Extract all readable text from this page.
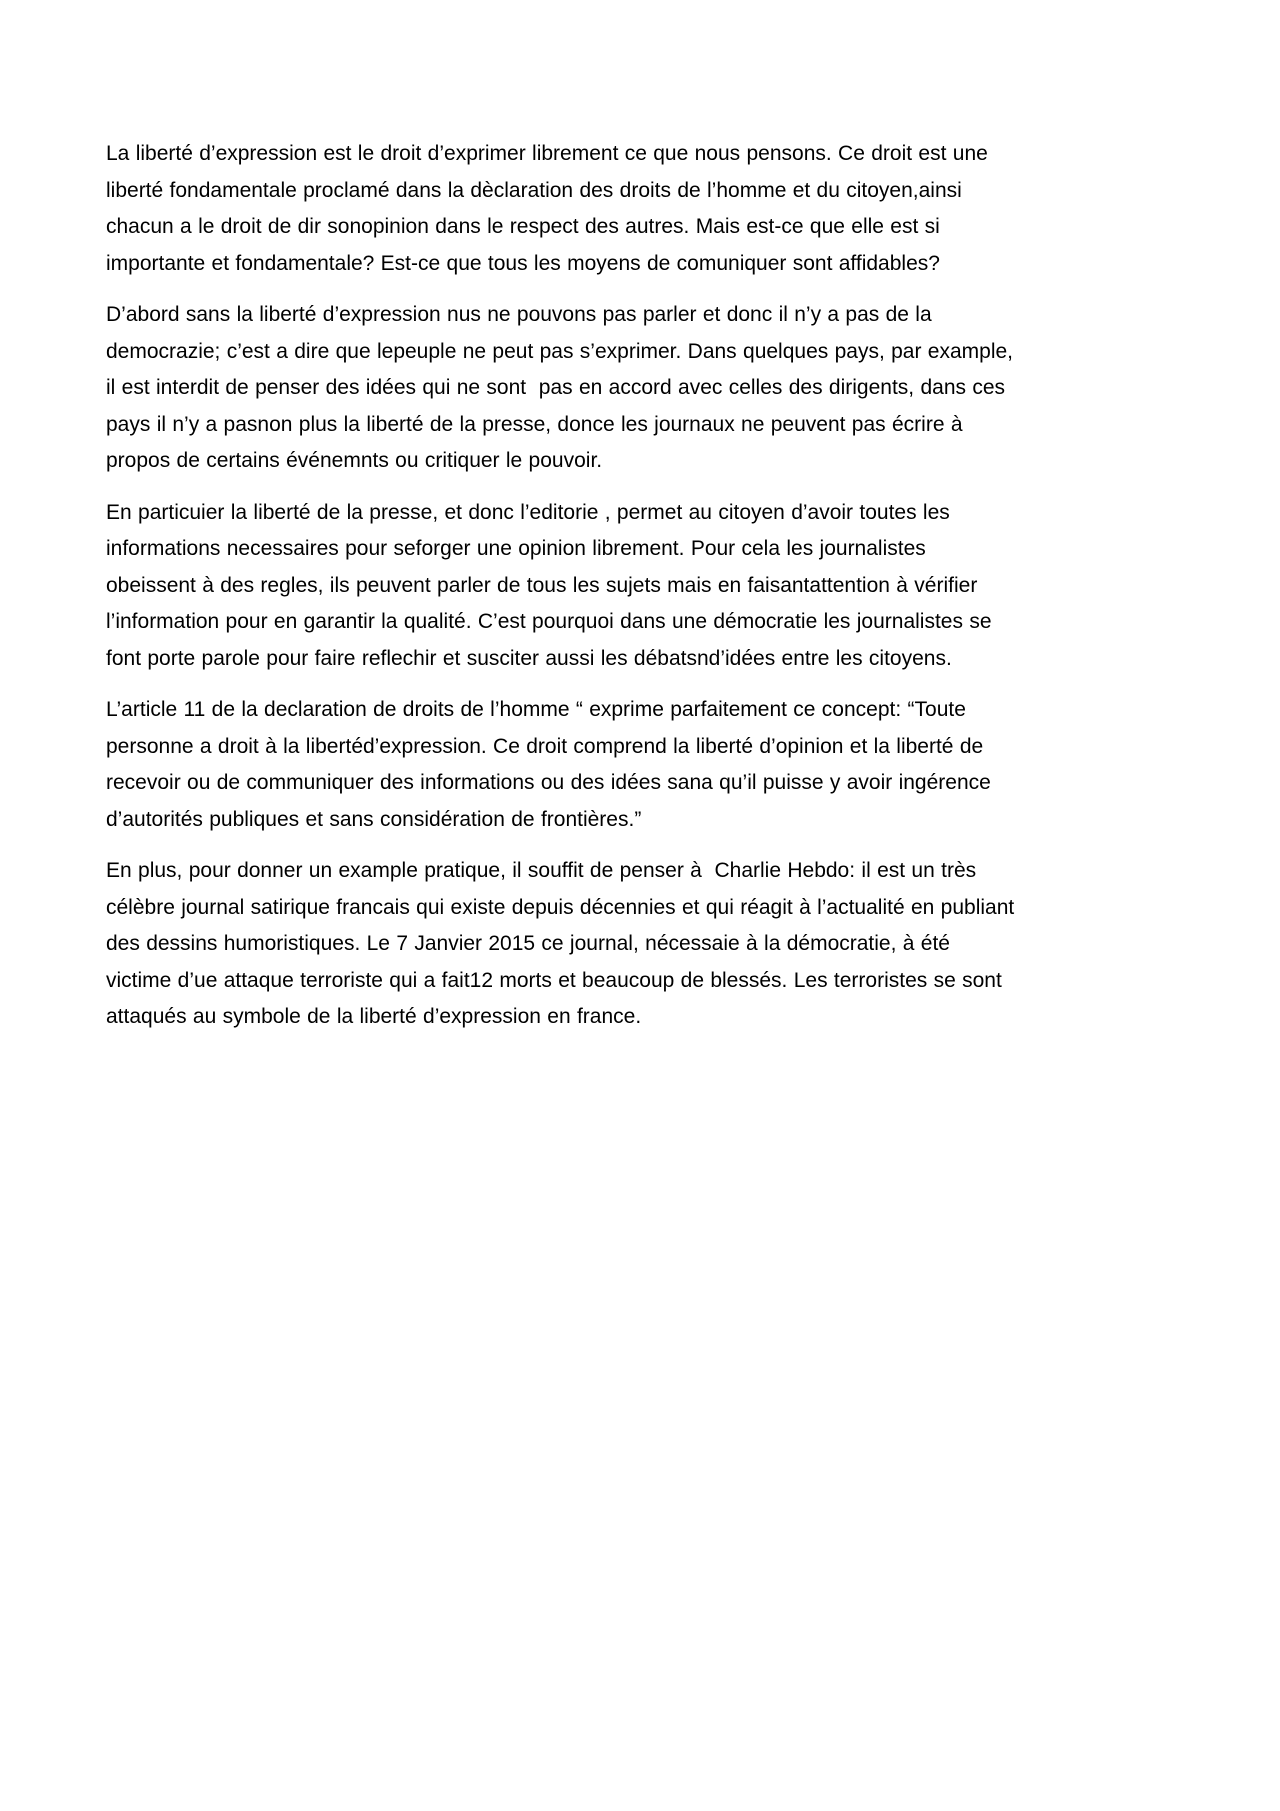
La liberté d’expression est le droit d’exprimer librement ce que nous pensons. Ce droit est une liberté fondamentale proclamé dans la dèclaration des droits de l’homme et du citoyen,ainsi chacun a le droit de dir sonopinion dans le respect des autres. Mais est-ce que elle est si importante et fondamentale? Est-ce que tous les moyens de comuniquer sont affidables?

D’abord sans la liberté d’expression nus ne pouvons pas parler et donc il n’y a pas de la democrazie; c’est a dire que lepeuple ne peut pas s’exprimer. Dans quelques pays, par example, il est interdit de penser des idées qui ne sont  pas en accord avec celles des dirigents, dans ces pays il n’y a pasnon plus la liberté de la presse, donce les journaux ne peuvent pas écrire à propos de certains événemnts ou critiquer le pouvoir.

En particuier la liberté de la presse, et donc l’editorie , permet au citoyen d’avoir toutes les informations necessaires pour seforger une opinion librement. Pour cela les journalistes obeissent à des regles, ils peuvent parler de tous les sujets mais en faisantattention à vérifier l’information pour en garantir la qualité. C’est pourquoi dans une démocratie les journalistes se font porte parole pour faire reflechir et susciter aussi les débatsnd’idées entre les citoyens.

L’article 11 de la declaration de droits de l’homme “ exprime parfaitement ce concept: “Toute personne a droit à la libertéd’expression. Ce droit comprend la liberté d’opinion et la liberté de recevoir ou de communiquer des informations ou des idées sana qu’il puisse y avoir ingérence d’autorités publiques et sans considération de frontières.”

En plus, pour donner un example pratique, il souffit de penser à  Charlie Hebdo: il est un très célèbre journal satirique francais qui existe depuis décennies et qui réagit à l’actualité en publiant des dessins humoristiques. Le 7 Janvier 2015 ce journal, nécessaie à la démocratie, à été victime d’ue attaque terroriste qui a fait12 morts et beaucoup de blessés. Les terroristes se sont attaqués au symbole de la liberté d’expression en france.
